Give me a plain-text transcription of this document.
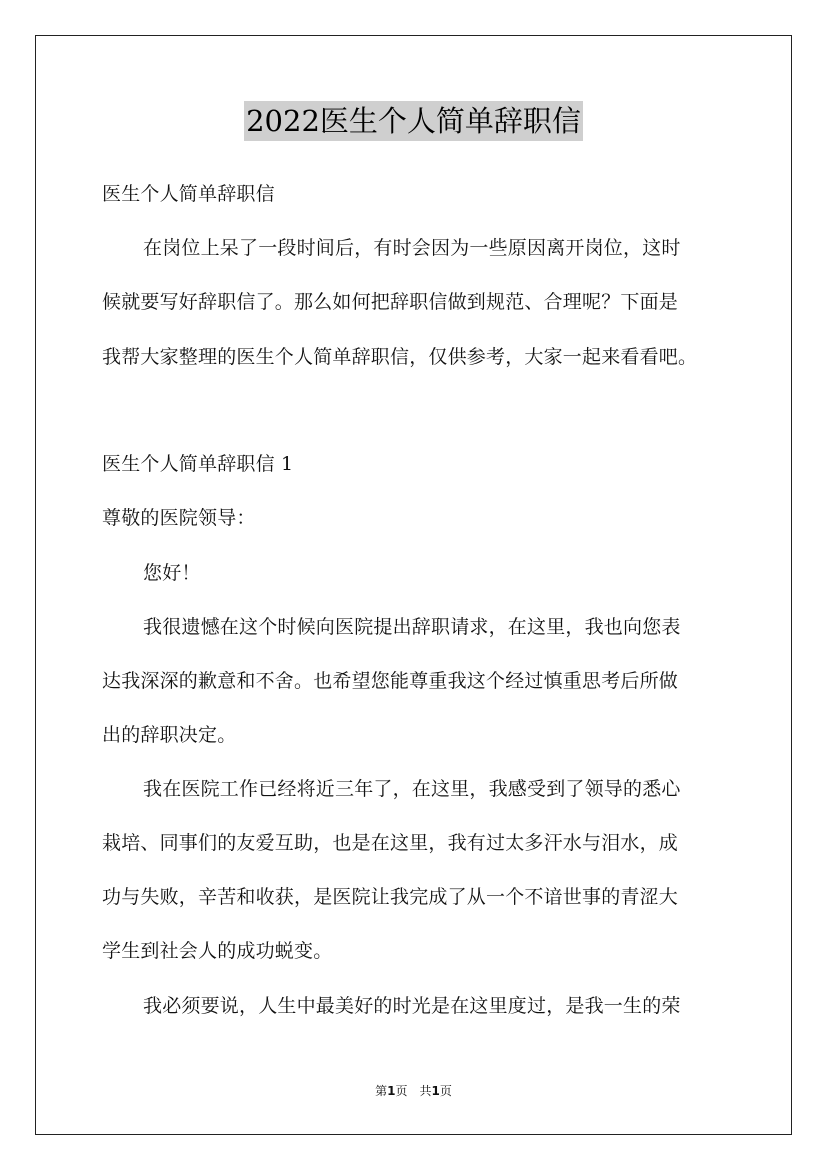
2022医生个人简单辞职信
医生个人简单辞职信
在岗位上呆了一段时间后，有时会因为一些原因离开岗位，这时
候就要写好辞职信了。那么如何把辞职信做到规范、合理呢？下面是
我帮大家整理的医生个人简单辞职信，仅供参考，大家一起来看看吧。
医生个人简单辞职信 1
尊敬的医院领导：
您好！
我很遗憾在这个时候向医院提出辞职请求，在这里，我也向您表
达我深深的歉意和不舍。也希望您能尊重我这个经过慎重思考后所做
出的辞职决定。
我在医院工作已经将近三年了，在这里，我感受到了领导的悉心
栽培、同事们的友爱互助，也是在这里，我有过太多汗水与泪水，成
功与失败，辛苦和收获，是医院让我完成了从一个不谙世事的青涩大
学生到社会人的成功蜕变。
我必须要说，人生中最美好的时光是在这里度过，是我一生的荣
第1页　共1页
